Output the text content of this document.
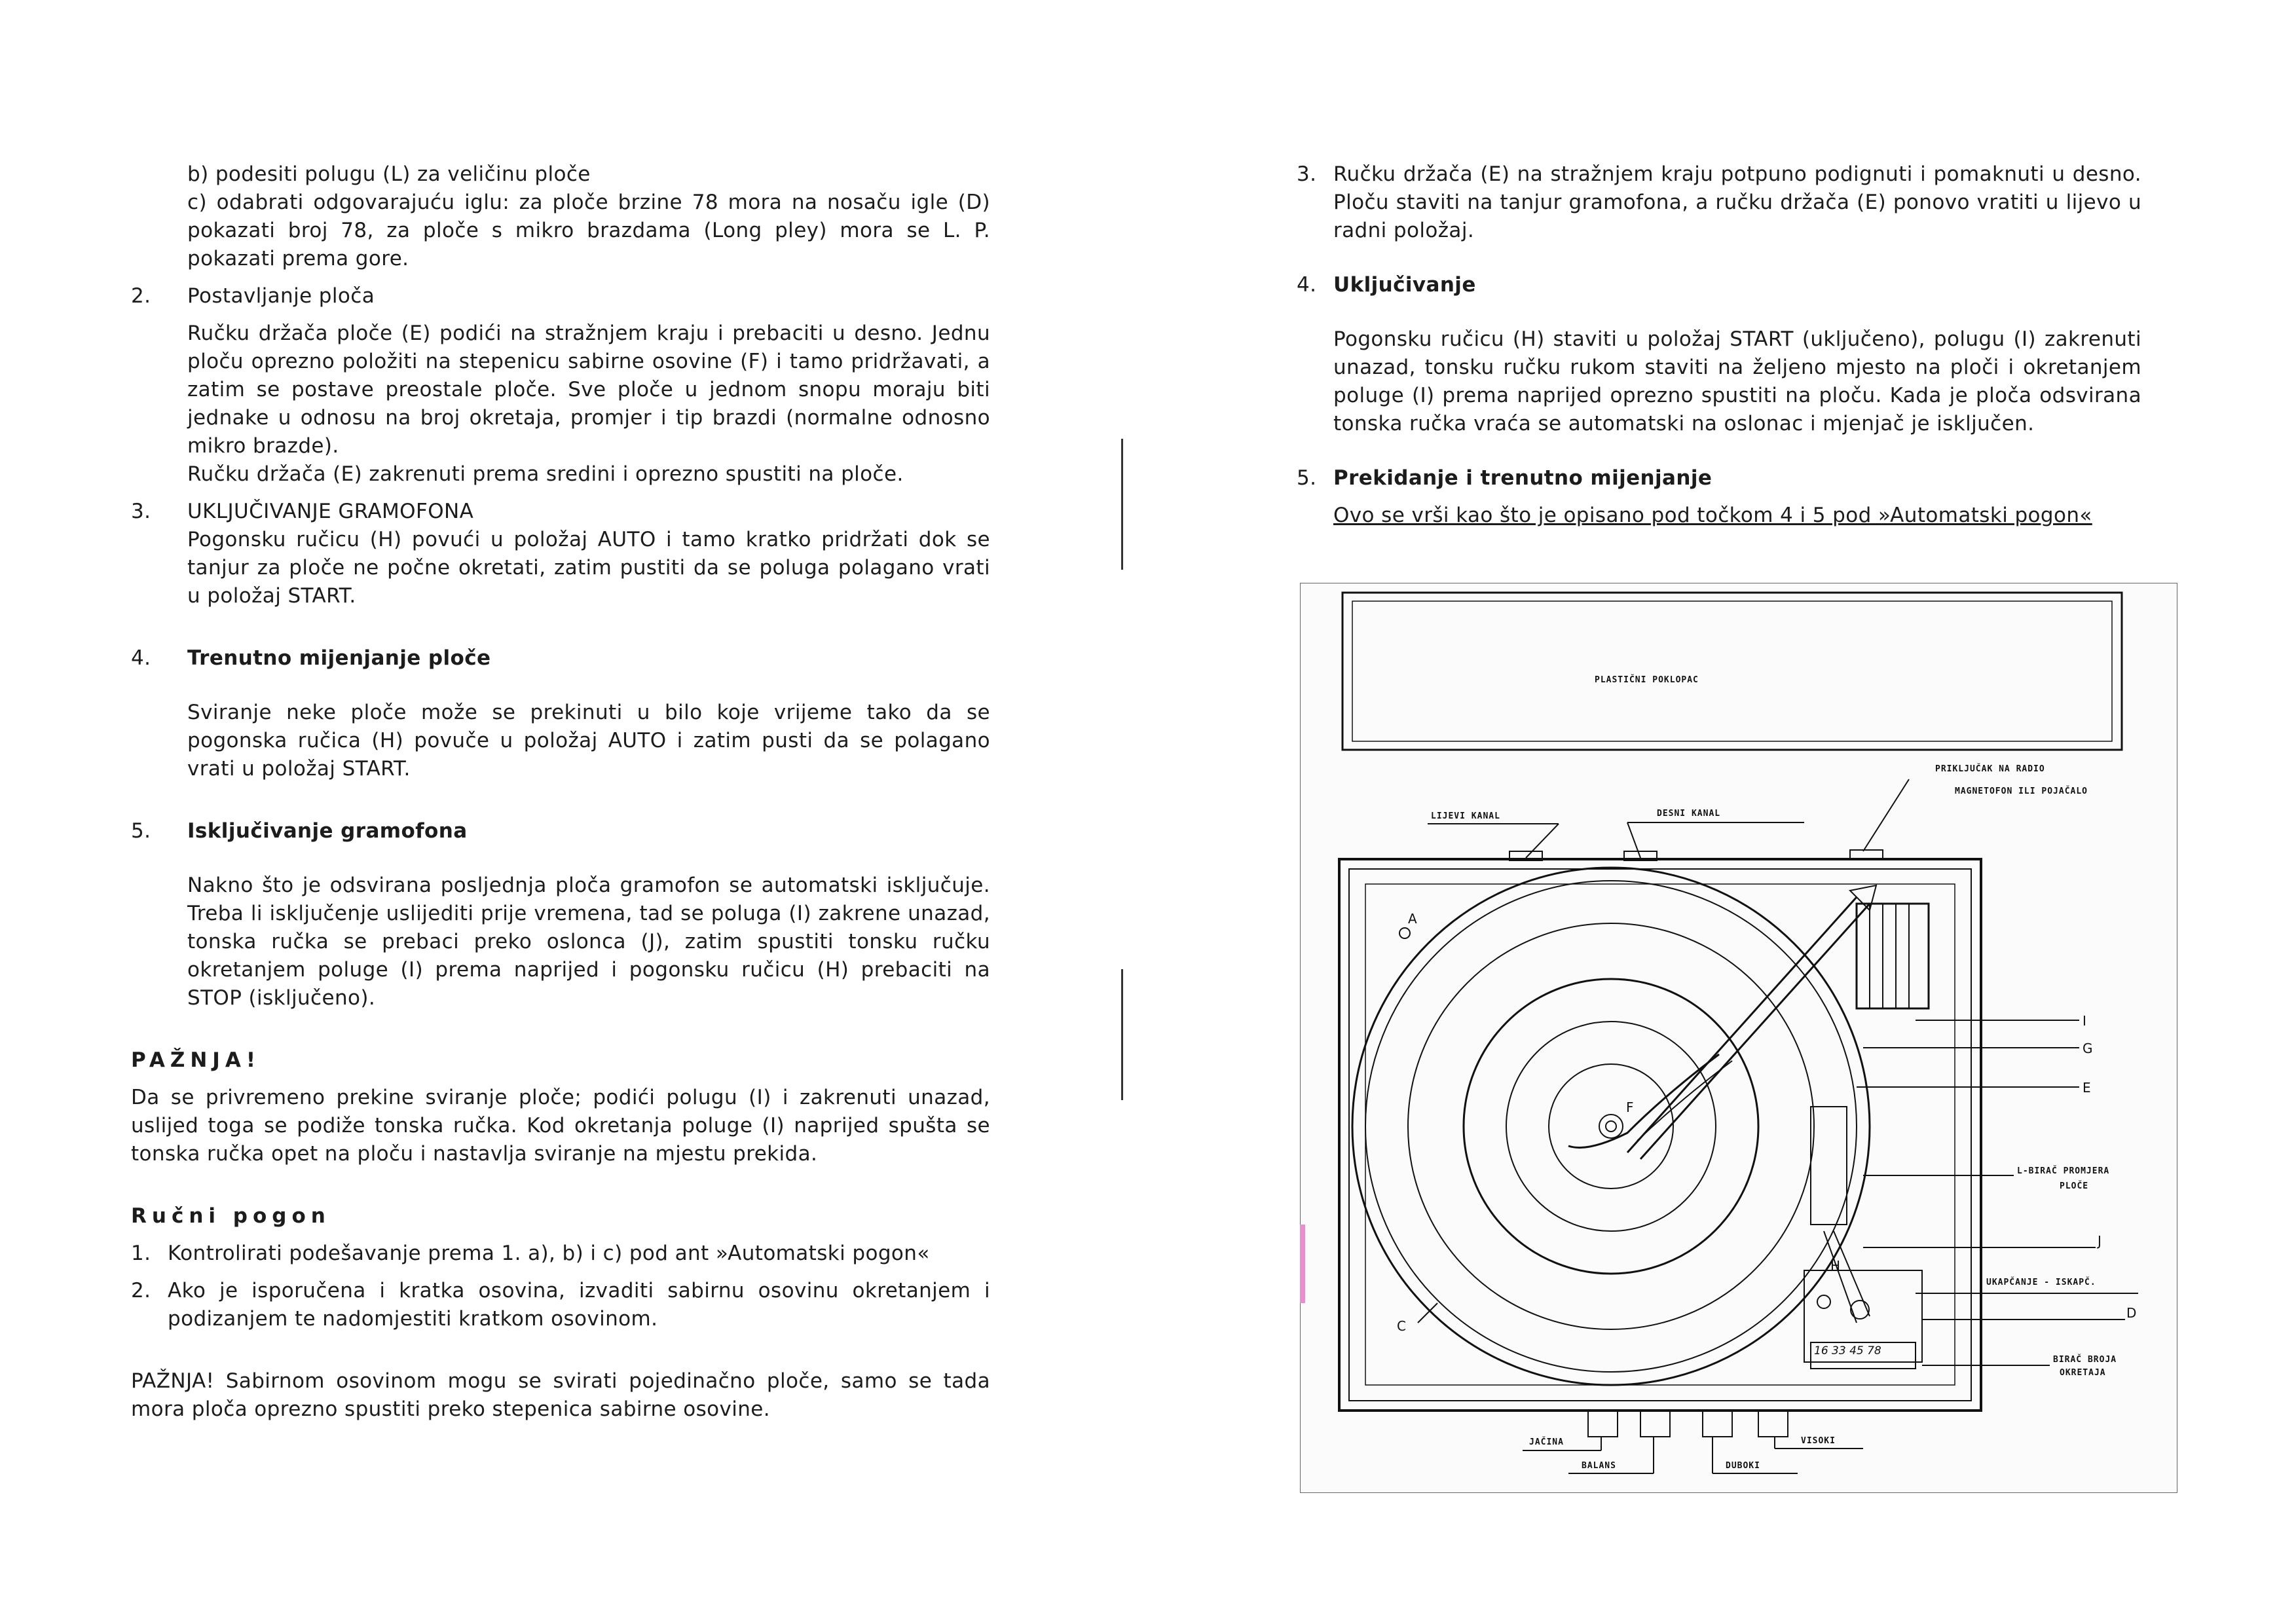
b) podesiti polugu (L) za veličinu ploče
c) odabrati odgovarajuću iglu: za ploče brzine 78 mora na nosaču igle (D) pokazati broj 78, za ploče s mikro brazdama (Long pley) mora se L. P. pokazati prema gore.
2.	Postavljanje ploča
Ručku držača ploče (E) podići na stražnjem kraju i prebaciti u desno. Jednu ploču oprezno položiti na stepenicu sabirne osovine (F) i tamo pridržavati, a zatim se postave preostale ploče. Sve ploče u jednom snopu moraju biti jednake u odnosu na broj okretaja, promjer i tip brazdi (normalne odnosno mikro brazde).
Ručku držača (E) zakrenuti prema sredini i oprezno spustiti na ploče.
3.	UKLJUČIVANJE GRAMOFONA
Pogonsku ručicu (H) povući u položaj AUTO i tamo kratko pridržati dok se tanjur za ploče ne počne okretati, zatim pustiti da se poluga polagano vrati u položaj START.
4.	Trenutno mijenjanje ploče
Sviranje neke ploče može se prekinuti u bilo koje vrijeme tako da se pogonska ručica (H) povuče u položaj AUTO i zatim pusti da se polagano vrati u položaj START.
5.	Isključivanje gramofona
Nakno što je odsvirana posljednja ploča gramofon se automatski isključuje. Treba li isključenje uslijediti prije vremena, tad se poluga (I) zakrene unazad, tonska ručka se prebaci preko oslonca (J), zatim spustiti tonsku ručku okretanjem poluge (I) prema naprijed i pogonsku ručicu (H) prebaciti na STOP (isključeno).
PAŽNJA!
Da se privremeno prekine sviranje ploče; podići polugu (I) i zakrenuti unazad, uslijed toga se podiže tonska ručka. Kod okretanja poluge (I) naprijed spušta se tonska ručka opet na ploču i nastavlja sviranje na mjestu prekida.
Ručni pogon
1. Kontrolirati podešavanje prema 1. a), b) i c) pod ant »Automatski pogon«
2. Ako je isporučena i kratka osovina, izvaditi sabirnu osovinu okretanjem i podizanjem te nadomjestiti kratkom osovinom.
PAŽNJA! Sabirnom osovinom mogu se svirati pojedinačno ploče, samo se tada mora ploča oprezno spustiti preko stepenica sabirne osovine.
3. Ručku držača (E) na stražnjem kraju potpuno podignuti i pomaknuti u desno. Ploču staviti na tanjur gramofona, a ručku držača (E) ponovo vratiti u lijevo u radni položaj.
4. Uključivanje
Pogonsku ručicu (H) staviti u položaj START (uključeno), polugu (I) zakrenuti unazad, tonsku ručku rukom staviti na željeno mjesto na ploči i okretanjem poluge (I) prema naprijed oprezno spustiti na ploču. Kada je ploča odsvirana tonska ručka vraća se automatski na oslonac i mjenjač je isključen.
5. Prekidanje i trenutno mijenjanje
Ovo se vrši kao što je opisano pod točkom 4 i 5 pod »Automatski pogon«
PLASTIČNI POKLOPAC
LIJEVI KANAL	DESNI KANAL
PRIKLJUČAK NA RADIO
MAGNETOFON ILI POJAČALO
16 33 45 78
I
G
E
J
D
F
A
C
H
L-BIRAČ PROMJERA
PLOČE
UKAPČANJE - ISKAPČ.
BIRAČ BROJA
OKRETAJA
JAČINA
BALANS
VISOKI
DUBOKI
